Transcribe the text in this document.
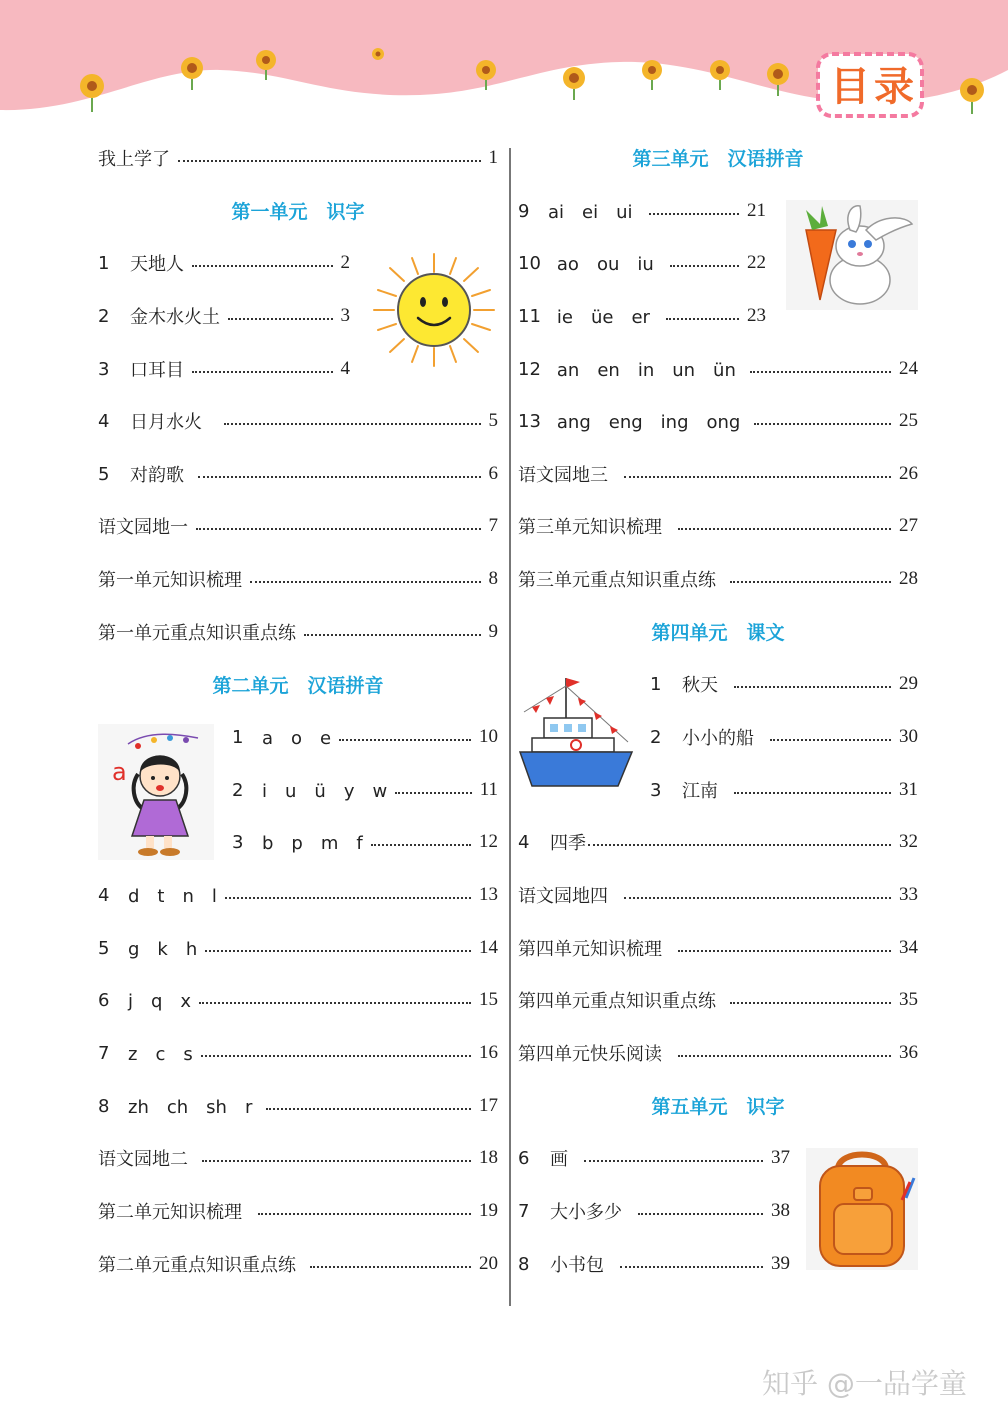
目录
第一单元　识字
第二单元　汉语拼音
第三单元　汉语拼音
第四单元　课文
第五单元　识字
我上学了	1
1 天地人	2
2 金木水火土	3
3 口耳目	4
4 日月水火	5
5 对韵歌	6
语文园地一	7
第一单元知识梳理	8
第一单元重点知识重点练	9
1 a　o　e	10
2 i　u　ü　y　w	11
3 b　p　m　f	12
4 d　t　n　l	13
5 g　k　h	14
6 j　q　x	15
7 z　c　s	16
8 zh　ch　sh　r	17
语文园地二	18
第二单元知识梳理	19
第二单元重点知识重点练	20
9 ai　ei　ui	21
10 ao　ou　iu	22
11 ie　üe　er	23
12 an　en　in　un　ün	24
13 ang　eng　ing　ong	25
语文园地三	26
第三单元知识梳理	27
第三单元重点知识重点练	28
1 秋天	29
2 小小的船	30
3 江南	31
4 四季	32
语文园地四	33
第四单元知识梳理	34
第四单元重点知识重点练	35
第四单元快乐阅读	36
6 画	37
7 大小多少	38
8 小书包	39
a
知乎 @一品学童
